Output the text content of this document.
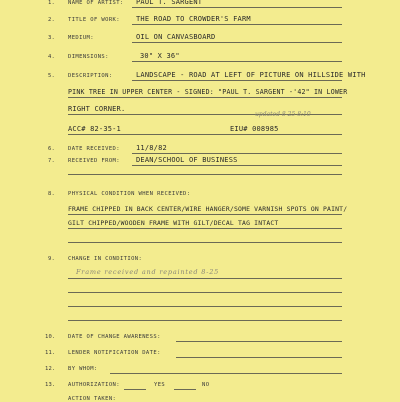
1. NAME OF ARTIST: PAUL T. SARGENT
2. TITLE OF WORK: THE ROAD TO CROWDER'S FARM
3. MEDIUM:	OIL ON CANVASBOARD
4. DIMENSIONS:	30" X 36"
5. DESCRIPTION:	LANDSCAPE - ROAD AT LEFT OF PICTURE ON HILLSIDE WITH
PINK TREE IN UPPER CENTER - SIGNED: "PAUL T. SARGENT -'42" IN LOWER
RIGHT CORNER.
updated 8-25 8:10
ACC# 82-35-1	EIU# 008985
6. DATE RECEIVED: 11/8/82
7. RECEIVED FROM: DEAN/SCHOOL OF BUSINESS
8. PHYSICAL CONDITION WHEN RECEIVED:
FRAME CHIPPED IN BACK CENTER/WIRE HANGER/SOME VARNISH SPOTS ON PAINT/
GILT CHIPPED/WOODEN FRAME WITH GILT/DECAL TAG INTACT
9. CHANGE IN CONDITION:
Frame received and repainted 8-25
10. DATE OF CHANGE AWARENESS:
11. LENDER NOTIFICATION DATE:
12. BY WHOM:
13. AUTHORIZATION:	YES	NO
ACTION TAKEN:
